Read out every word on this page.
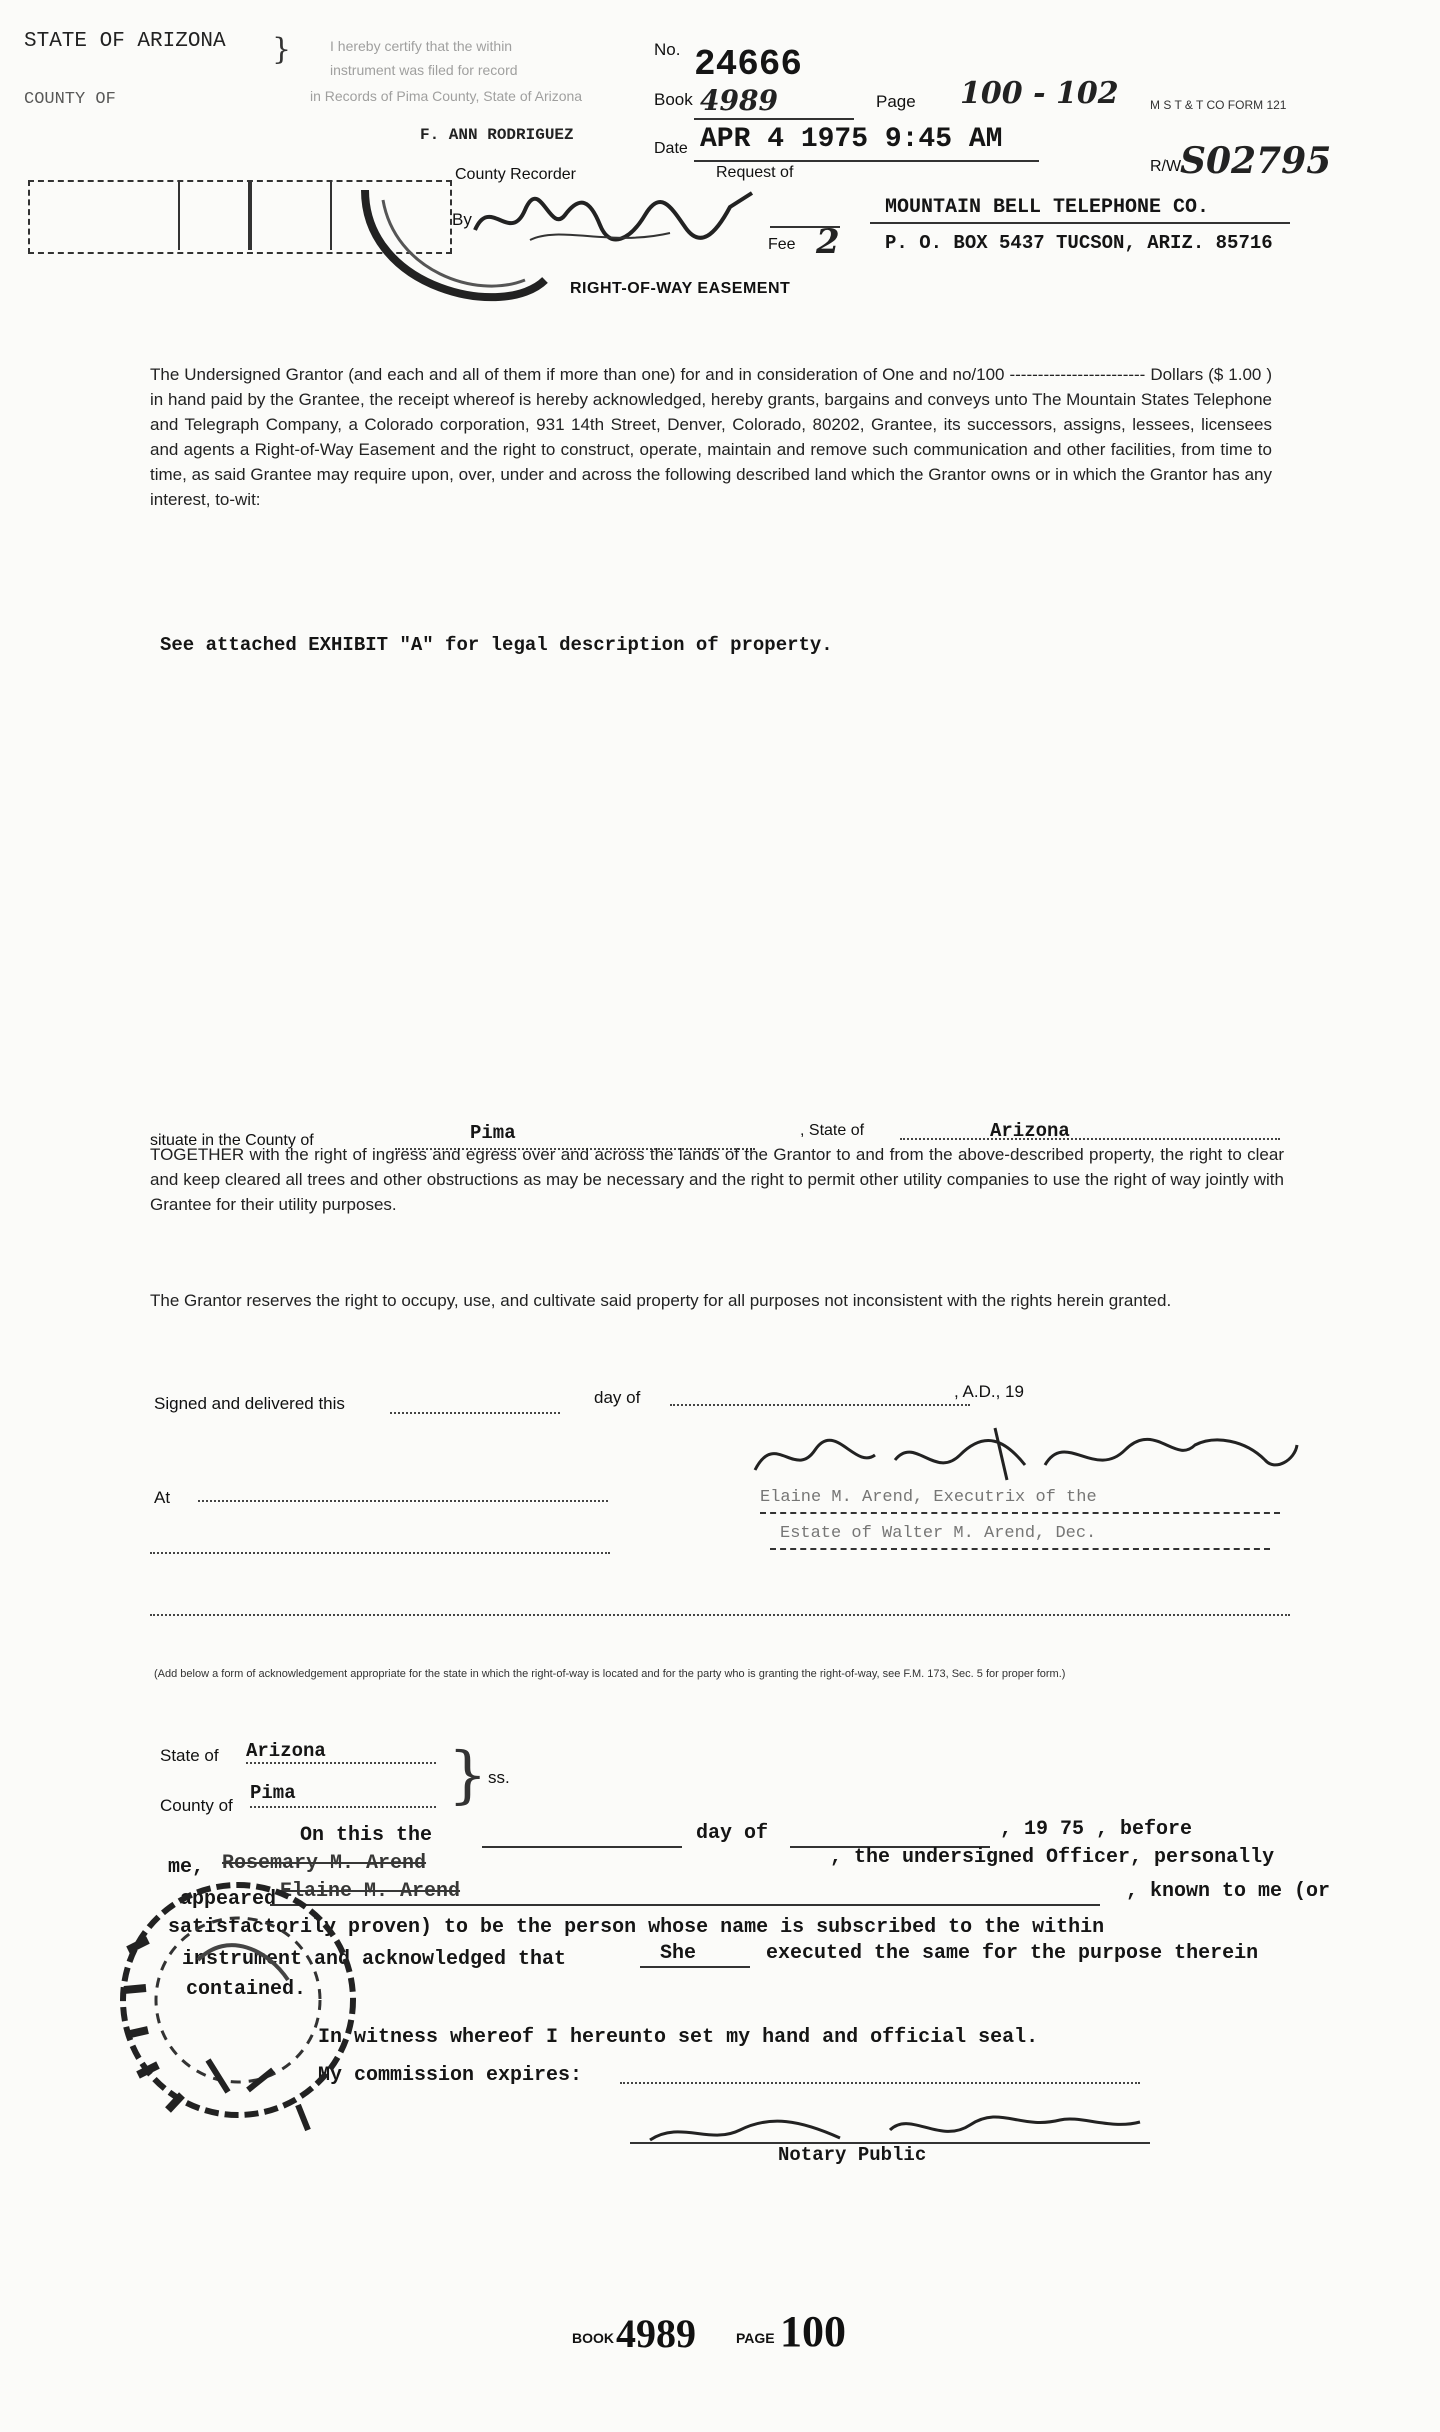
STATE OF ARIZONA
COUNTY OF
}	I hereby certify that the within
instrument was filed for record
in Records of Pima County, State of Arizona
F. ANN RODRIGUEZ
No. 24666
Book 4989	Page 100 - 102	M S T & T CO FORM 121
Date APR 4 1975 9:45 AM
R/W
S02795
County Recorder	Request of
By
MOUNTAIN BELL TELEPHONE CO.
Fee 2 P. O. BOX 5437 TUCSON, ARIZ. 85716
RIGHT-OF-WAY EASEMENT
The Undersigned Grantor (and each and all of them if more than one) for and in consideration of One and no/100 ------------------------ Dollars ($ 1.00 ) in hand paid by the Grantee, the receipt whereof is hereby acknowledged, hereby grants, bargains and conveys unto The Mountain States Telephone and Telegraph Company, a Colorado corporation, 931 14th Street, Denver, Colorado, 80202, Grantee, its successors, assigns, lessees, licensees and agents a Right-of-Way Easement and the right to construct, operate, maintain and remove such communication and other facilities, from time to time, as said Grantee may require upon, over, under and across the following described land which the Grantor owns or in which the Grantor has any interest, to-wit:
See attached EXHIBIT "A" for legal description of property.
situate in the County of	Pima	, State of	Arizona
TOGETHER with the right of ingress and egress over and across the lands of the Grantor to and from the above-described property, the right to clear and keep cleared all trees and other obstructions as may be necessary and the right to permit other utility companies to use the right of way jointly with Grantee for their utility purposes.
The Grantor reserves the right to occupy, use, and cultivate said property for all purposes not inconsistent with the rights herein granted.
Signed and delivered this	day of	, A.D., 19
At	Elaine M. Arend, Executrix of the
Estate of Walter M. Arend, Dec.
(Add below a form of acknowledgement appropriate for the state in which the right-of-way is located and for the party who is granting the right-of-way, see F.M. 173, Sec. 5 for proper form.)
State of Arizona } ss.
County of
Pima
On this the	day of	, 19 75 , before
me, Rosemary M. Arend	, the undersigned Officer, personally
appeared Elaine M. Arend	, known to me (or
satisfactorily proven) to be the person whose name is subscribed to the within
instrument and acknowledged that	She	executed the same for the purpose therein
contained.
In witness whereof I hereunto set my hand and official seal.
My commission expires:
Notary Public
BOOK 4989	PAGE 100
